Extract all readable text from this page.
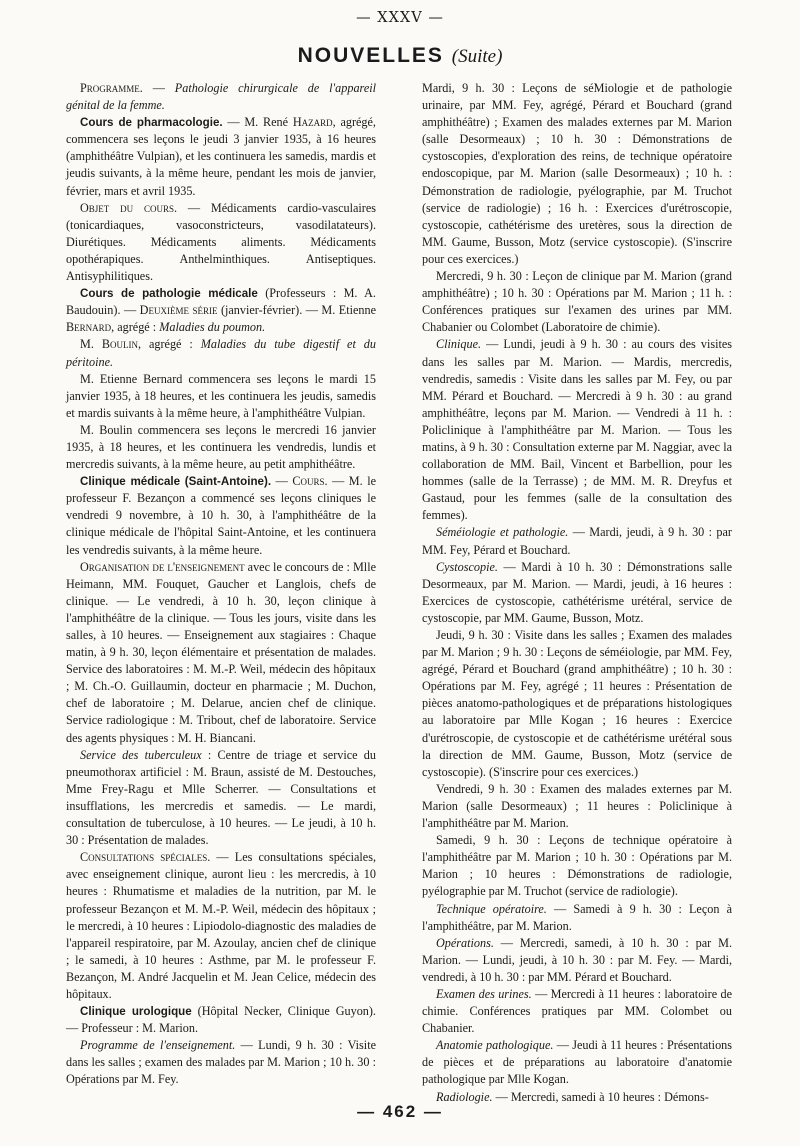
— XXXV —
NOUVELLES (Suite)

Programme. — Pathologie chirurgicale de l'appareil génital de la femme.

Cours de pharmacologie. — M. René Hazard, agrégé, commencera ses leçons le jeudi 3 janvier 1935, à 16 heures (amphithéâtre Vulpian), et les continuera les samedis, mardis et jeudis suivants, à la même heure, pendant les mois de janvier, février, mars et avril 1935.

Objet du cours. — Médicaments cardio-vasculaires (tonicardiaques, vasoconstricteurs, vasodilatateurs). Diurétiques. Médicaments aliments. Médicaments opothérapiques. Anthelminthiques. Antiseptiques. Antisyphilitiques.

Cours de pathologie médicale (Professeurs : M. A. Baudouin). — Deuxième série (janvier-février). — M. Etienne Bernard, agrégé : Maladies du poumon.

M. Boulin, agrégé : Maladies du tube digestif et du péritoine.

M. Etienne Bernard commencera ses leçons le mardi 15 janvier 1935, à 18 heures, et les continuera les jeudis, samedis et mardis suivants à la même heure, à l'amphithéâtre Vulpian.

M. Boulin commencera ses leçons le mercredi 16 janvier 1935, à 18 heures, et les continuera les vendredis, lundis et mercredis suivants, à la même heure, au petit amphithéâtre.

Clinique médicale (Saint-Antoine). — Cours. — M. le professeur F. Bezançon a commencé ses leçons cliniques le vendredi 9 novembre, à 10 h. 30, à l'amphithéâtre de la clinique médicale de l'hôpital Saint-Antoine, et les continuera les vendredis suivants, à la même heure.

Organisation de l'enseignement avec le concours de : Mlle Heimann, MM. Fouquet, Gaucher et Langlois, chefs de clinique. — Le vendredi, à 10 h. 30, leçon clinique à l'amphithéâtre de la clinique. — Tous les jours, visite dans les salles, à 10 heures. — Enseignement aux stagiaires : Chaque matin, à 9 h. 30, leçon élémentaire et présentation de malades. Service des laboratoires : M. M.-P. Weil, médecin des hôpitaux ; M. Ch.-O. Guillaumin, docteur en pharmacie ; M. Duchon, chef de laboratoire ; M. Delarue, ancien chef de clinique. Service radiologique : M. Tribout, chef de laboratoire. Service des agents physiques : M. H. Biancani.

Service des tuberculeux : Centre de triage et service du pneumothorax artificiel : M. Braun, assisté de M. Destouches, Mme Frey-Ragu et Mlle Scherrer. — Consultations et insufflations, les mercredis et samedis. — Le mardi, consultation de tuberculose, à 10 heures. — Le jeudi, à 10 h. 30 : Présentation de malades.

Consultations spéciales. — Les consultations spéciales, avec enseignement clinique, auront lieu : les mercredis, à 10 heures : Rhumatisme et maladies de la nutrition, par M. le professeur Bezançon et M. M.-P. Weil, médecin des hôpitaux ; le mercredi, à 10 heures : Lipiodolo-diagnostic des maladies de l'appareil respiratoire, par M. Azoulay, ancien chef de clinique ; le samedi, à 10 heures : Asthme, par M. le professeur F. Bezançon, M. André Jacquelin et M. Jean Celice, médecin des hôpitaux.

Clinique urologique (Hôpital Necker, Clinique Guyon). — Professeur : M. Marion.

Programme de l'enseignement. — Lundi, 9 h. 30 : Visite dans les salles ; examen des malades par M. Marion ; 10 h. 30 : Opérations par M. Fey.

Mardi, 9 h. 30 : Leçons de séMiologie et de pathologie urinaire, par MM. Fey, agrégé, Pérard et Bouchard (grand amphithéâtre) ; Examen des malades externes par M. Marion (salle Desormeaux) ; 10 h. 30 : Démonstrations de cystoscopies, d'exploration des reins, de technique opératoire endoscopique, par M. Marion (salle Desormeaux) ; 10 h. : Démonstration de radiologie, pyélographie, par M. Truchot (service de radiologie) ; 16 h. : Exercices d'urétroscopie, cystoscopie, cathétérisme des uretères, sous la direction de MM. Gaume, Busson, Motz (service cystoscopie). (S'inscrire pour ces exercices.)

Mercredi, 9 h. 30 : Leçon de clinique par M. Marion (grand amphithéâtre) ; 10 h. 30 : Opérations par M. Marion ; 11 h. : Conférences pratiques sur l'examen des urines par MM. Chabanier ou Colombet (Laboratoire de chimie).

Clinique. — Lundi, jeudi à 9 h. 30 : au cours des visites dans les salles par M. Marion. — Mardis, mercredis, vendredis, samedis : Visite dans les salles par M. Fey, ou par MM. Pérard et Bouchard. — Mercredi à 9 h. 30 : au grand amphithéâtre, leçons par M. Marion. — Vendredi à 11 h. : Policlinique à l'amphithéâtre par M. Marion. — Tous les matins, à 9 h. 30 : Consultation externe par M. Naggiar, avec la collaboration de MM. Bail, Vincent et Barbellion, pour les hommes (salle de la Terrasse) ; de MM. M. R. Dreyfus et Gastaud, pour les femmes (salle de la consultation des femmes).

Séméiologie et pathologie. — Mardi, jeudi, à 9 h. 30 : par MM. Fey, Pérard et Bouchard.

Cystoscopie. — Mardi à 10 h. 30 : Démonstrations salle Desormeaux, par M. Marion. — Mardi, jeudi, à 16 heures : Exercices de cystoscopie, cathétérisme urétéral, service de cystoscopie, par MM. Gaume, Busson, Motz.

Jeudi, 9 h. 30 : Visite dans les salles ; Examen des malades par M. Marion ; 9 h. 30 : Leçons de séméiologie, par MM. Fey, agrégé, Pérard et Bouchard (grand amphithéâtre) ; 10 h. 30 : Opérations par M. Fey, agrégé ; 11 heures : Présentation de pièces anatomo-pathologiques et de préparations histologiques au laboratoire par Mlle Kogan ; 16 heures : Exercice d'urétroscopie, de cystoscopie et de cathétérisme urétéral sous la direction de MM. Gaume, Busson, Motz (service de cystoscopie). (S'inscrire pour ces exercices.)

Vendredi, 9 h. 30 : Examen des malades externes par M. Marion (salle Desormeaux) ; 11 heures : Policlinique à l'amphithéâtre par M. Marion.

Samedi, 9 h. 30 : Leçons de technique opératoire à l'amphithéâtre par M. Marion ; 10 h. 30 : Opérations par M. Marion ; 10 heures : Démonstrations de radiologie, pyélographie par M. Truchot (service de radiologie).

Technique opératoire. — Samedi à 9 h. 30 : Leçon à l'amphithéâtre, par M. Marion.

Opérations. — Mercredi, samedi, à 10 h. 30 : par M. Marion. — Lundi, jeudi, à 10 h. 30 : par M. Fey. — Mardi, vendredi, à 10 h. 30 : par MM. Pérard et Bouchard.

Examen des urines. — Mercredi à 11 heures : laboratoire de chimie. Conférences pratiques par MM. Colombet ou Chabanier.

Anatomie pathologique. — Jeudi à 11 heures : Présentations de pièces et de préparations au laboratoire d'anatomie pathologique par Mlle Kogan.

Radiologie. — Mercredi, samedi à 10 heures : Démons-

— 462 —
